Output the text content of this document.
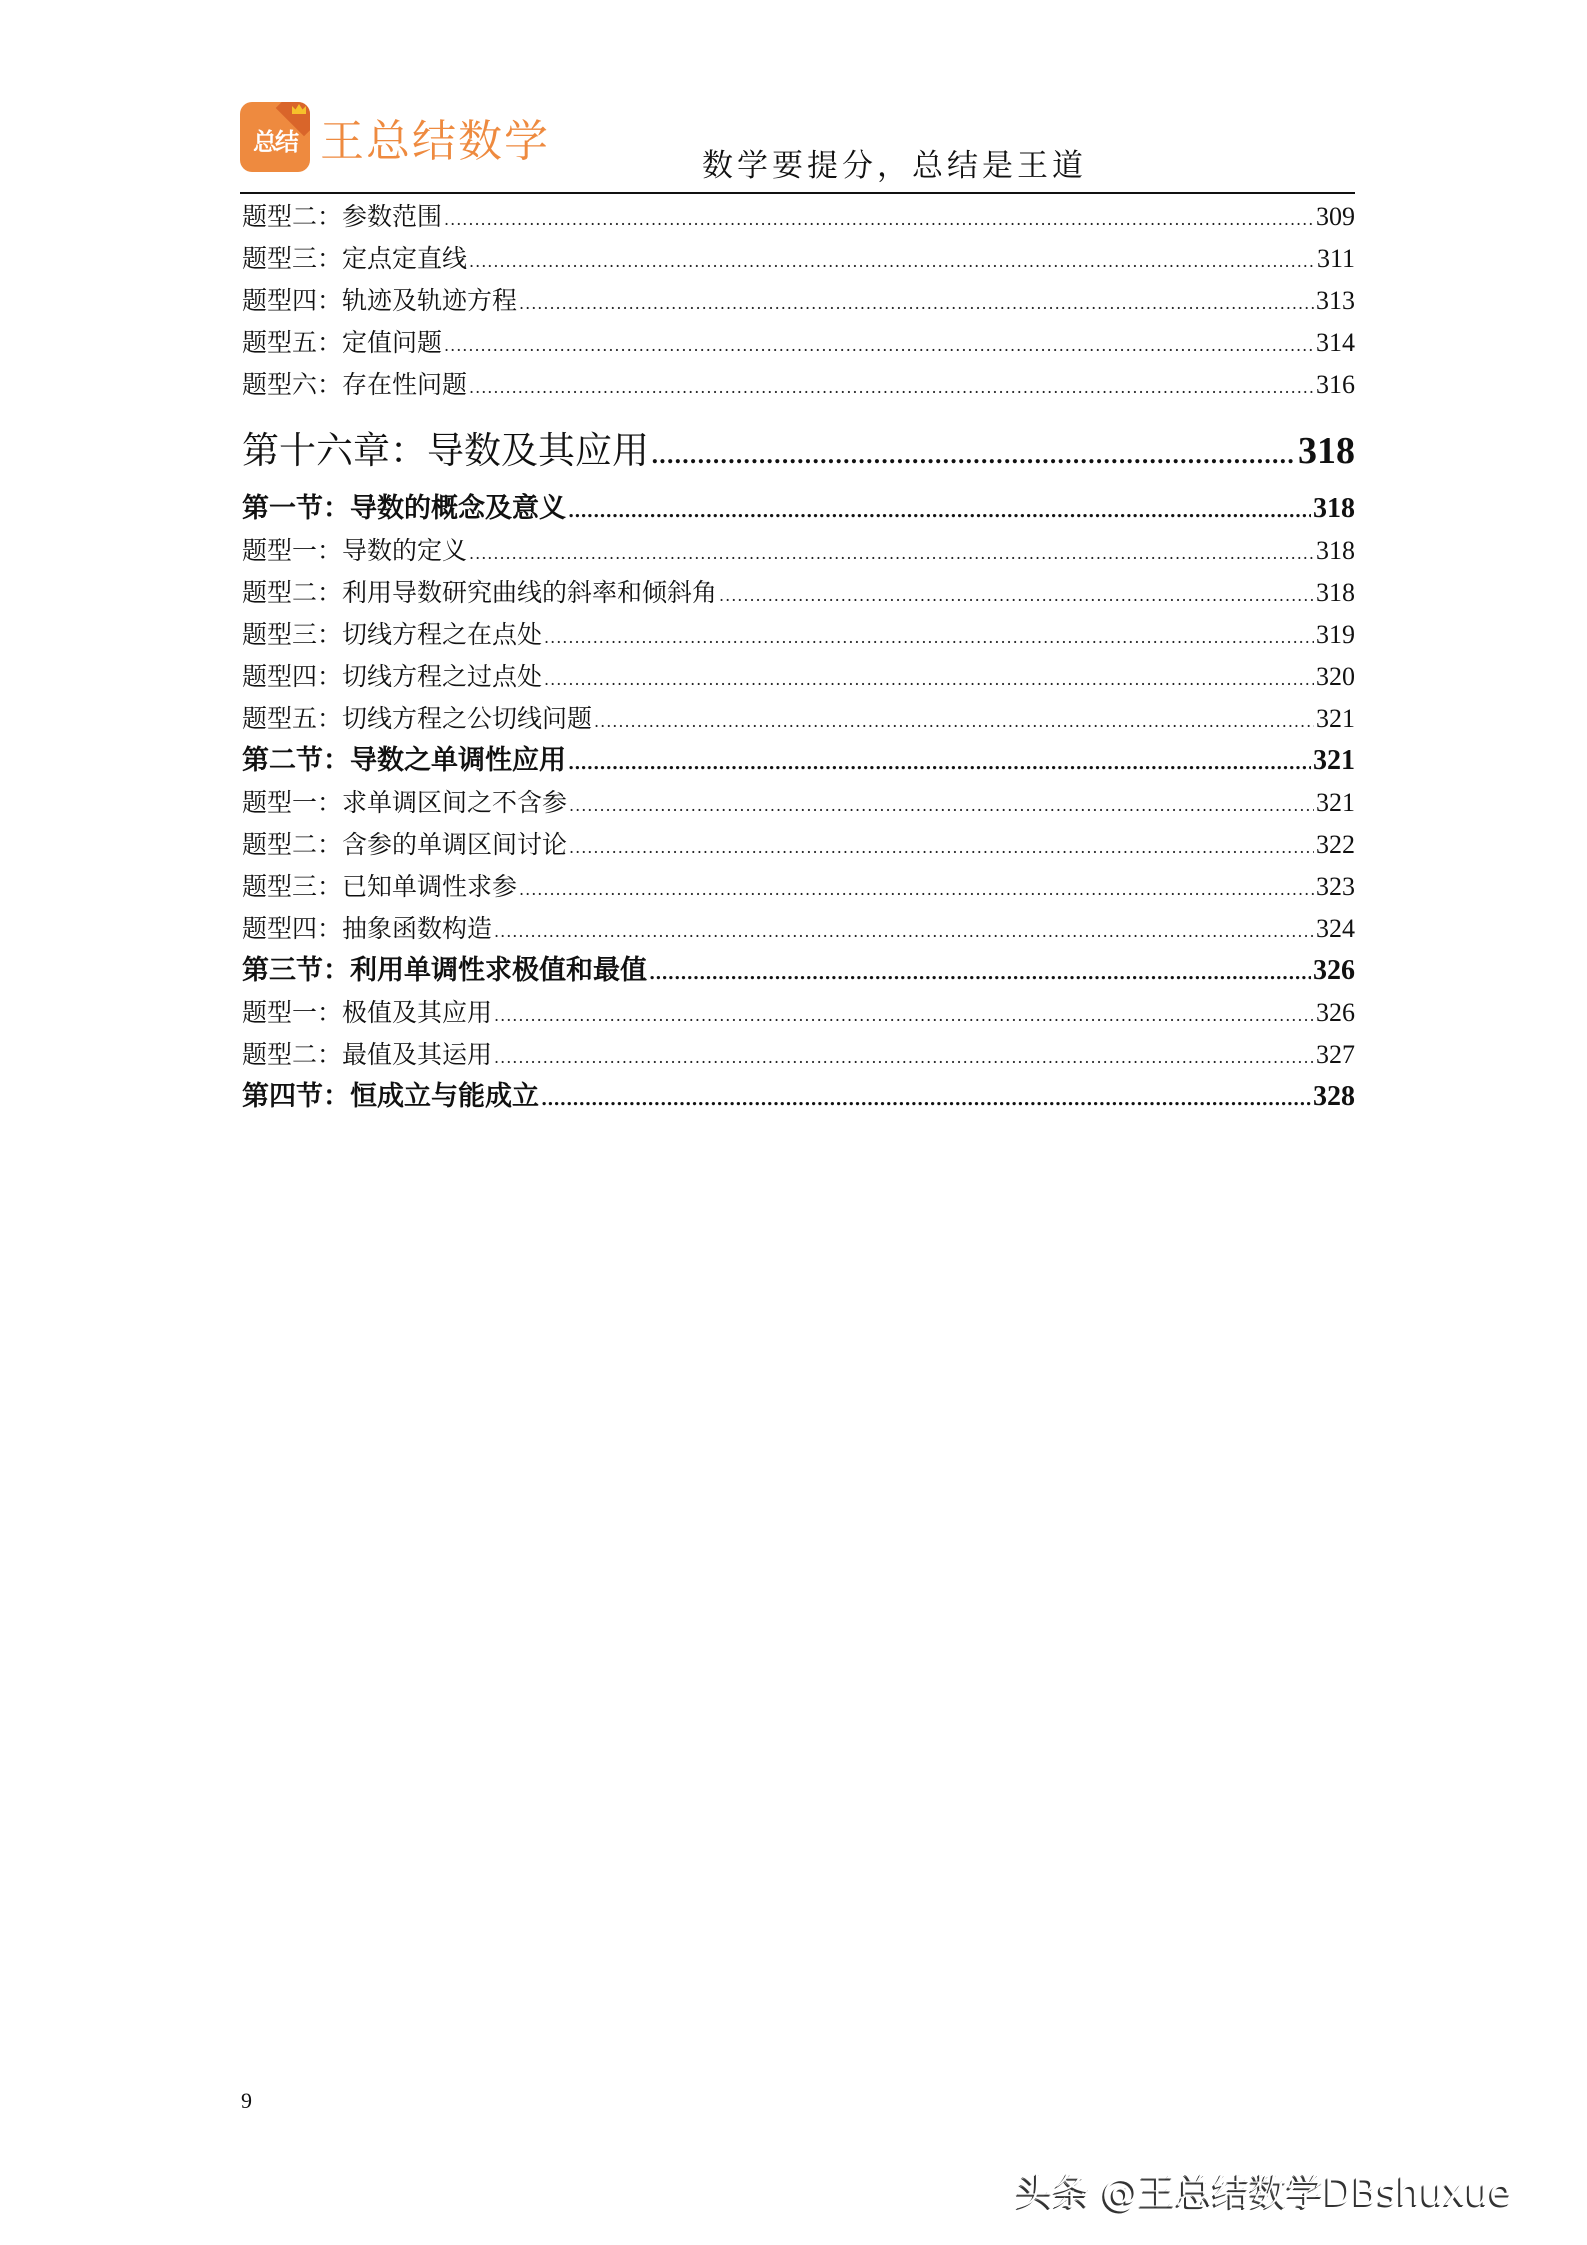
总结 王总结数学	数学要提分，总结是王道
题型二：参数范围 .....	309
题型三：定点定直线 .....	311
题型四：轨迹及轨迹方程 .....	313
题型五：定值问题 .....	314
题型六：存在性问题 .....	316
第十六章：导数及其应用 .....	318
第一节：导数的概念及意义 .....	318
题型一：导数的定义 .....	318
题型二：利用导数研究曲线的斜率和倾斜角 .....	318
题型三：切线方程之在点处 .....	319
题型四：切线方程之过点处 .....	320
题型五：切线方程之公切线问题 .....	321
第二节：导数之单调性应用 .....	321
题型一：求单调区间之不含参 .....	321
题型二：含参的单调区间讨论 .....	322
题型三：已知单调性求参 .....	323
题型四：抽象函数构造 .....	324
第三节：利用单调性求极值和最值 .....	326
题型一：极值及其应用 .....	326
题型二：最值及其运用 .....	327
第四节：恒成立与能成立 .....	328
9
头条 @王总结数学DBshuxue
